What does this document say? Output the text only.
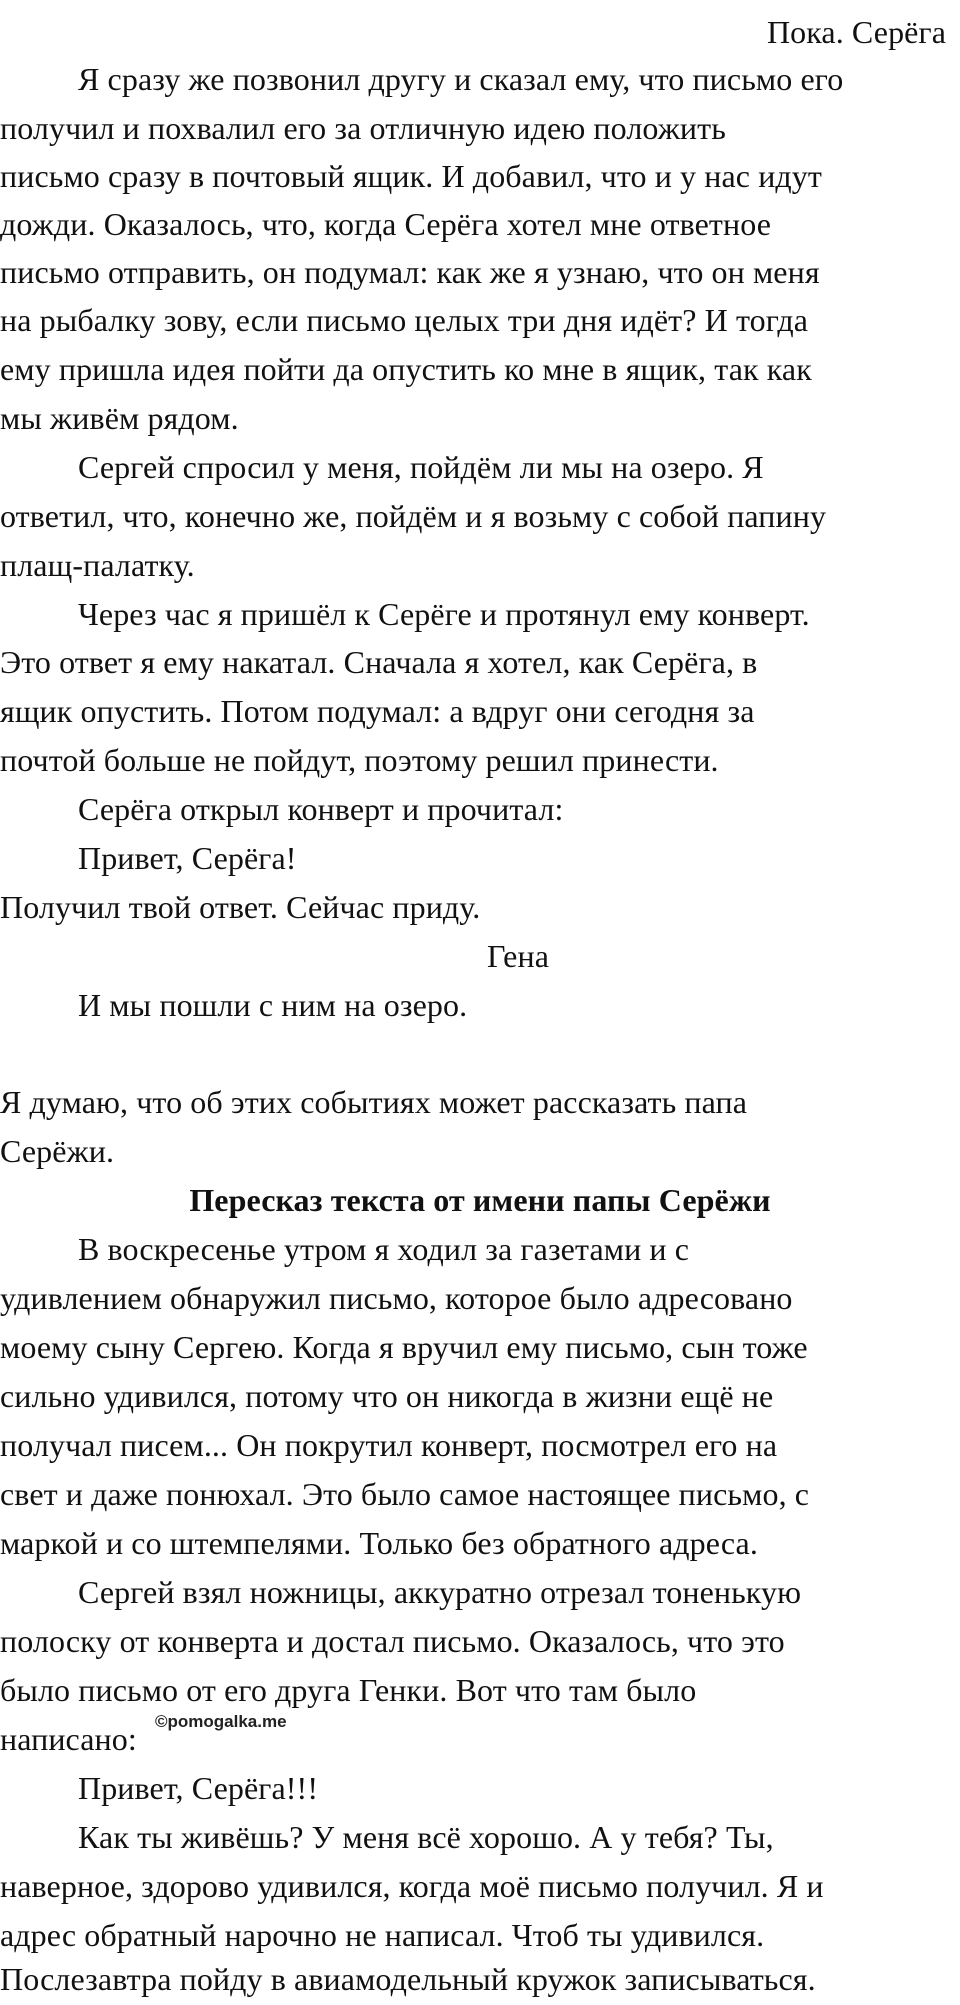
Пока. Серёга
Я сразу же позвонил другу и сказал ему, что письмо его
получил и похвалил его за отличную идею положить
письмо сразу в почтовый ящик. И добавил, что и у нас идут
дожди. Оказалось, что, когда Серёга хотел мне ответное
письмо отправить, он подумал: как же я узнаю, что он меня
на рыбалку зову, если письмо целых три дня идёт? И тогда
ему пришла идея пойти да опустить ко мне в ящик, так как
мы живём рядом.
Сергей спросил у меня, пойдём ли мы на озеро. Я
ответил, что, конечно же, пойдём и я возьму с собой папину
плащ-палатку.
Через час я пришёл к Серёге и протянул ему конверт.
Это ответ я ему накатал. Сначала я хотел, как Серёга, в
ящик опустить. Потом подумал: а вдруг они сегодня за
почтой больше не пойдут, поэтому решил принести.
Серёга открыл конверт и прочитал:
Привет, Серёга!
Получил твой ответ. Сейчас приду.
Гена
И мы пошли с ним на озеро.
Я думаю, что об этих событиях может рассказать папа
Серёжи.
Пересказ текста от имени папы Серёжи
В воскресенье утром я ходил за газетами и с
удивлением обнаружил письмо, которое было адресовано
моему сыну Сергею. Когда я вручил ему письмо, сын тоже
сильно удивился, потому что он никогда в жизни ещё не
получал писем... Он покрутил конверт, посмотрел его на
свет и даже понюхал. Это было самое настоящее письмо, с
маркой и со штемпелями. Только без обратного адреса.
Сергей взял ножницы, аккуратно отрезал тоненькую
полоску от конверта и достал письмо. Оказалось, что это
было письмо от его друга Генки. Вот что там было
написано:
Привет, Серёга!!!
Как ты живёшь? У меня всё хорошо. А у тебя? Ты,
наверное, здорово удивился, когда моё письмо получил. Я и
адрес обратный нарочно не написал. Чтоб ты удивился.
Послезавтра пойду в авиамодельный кружок записываться.
©pomogalka.me
